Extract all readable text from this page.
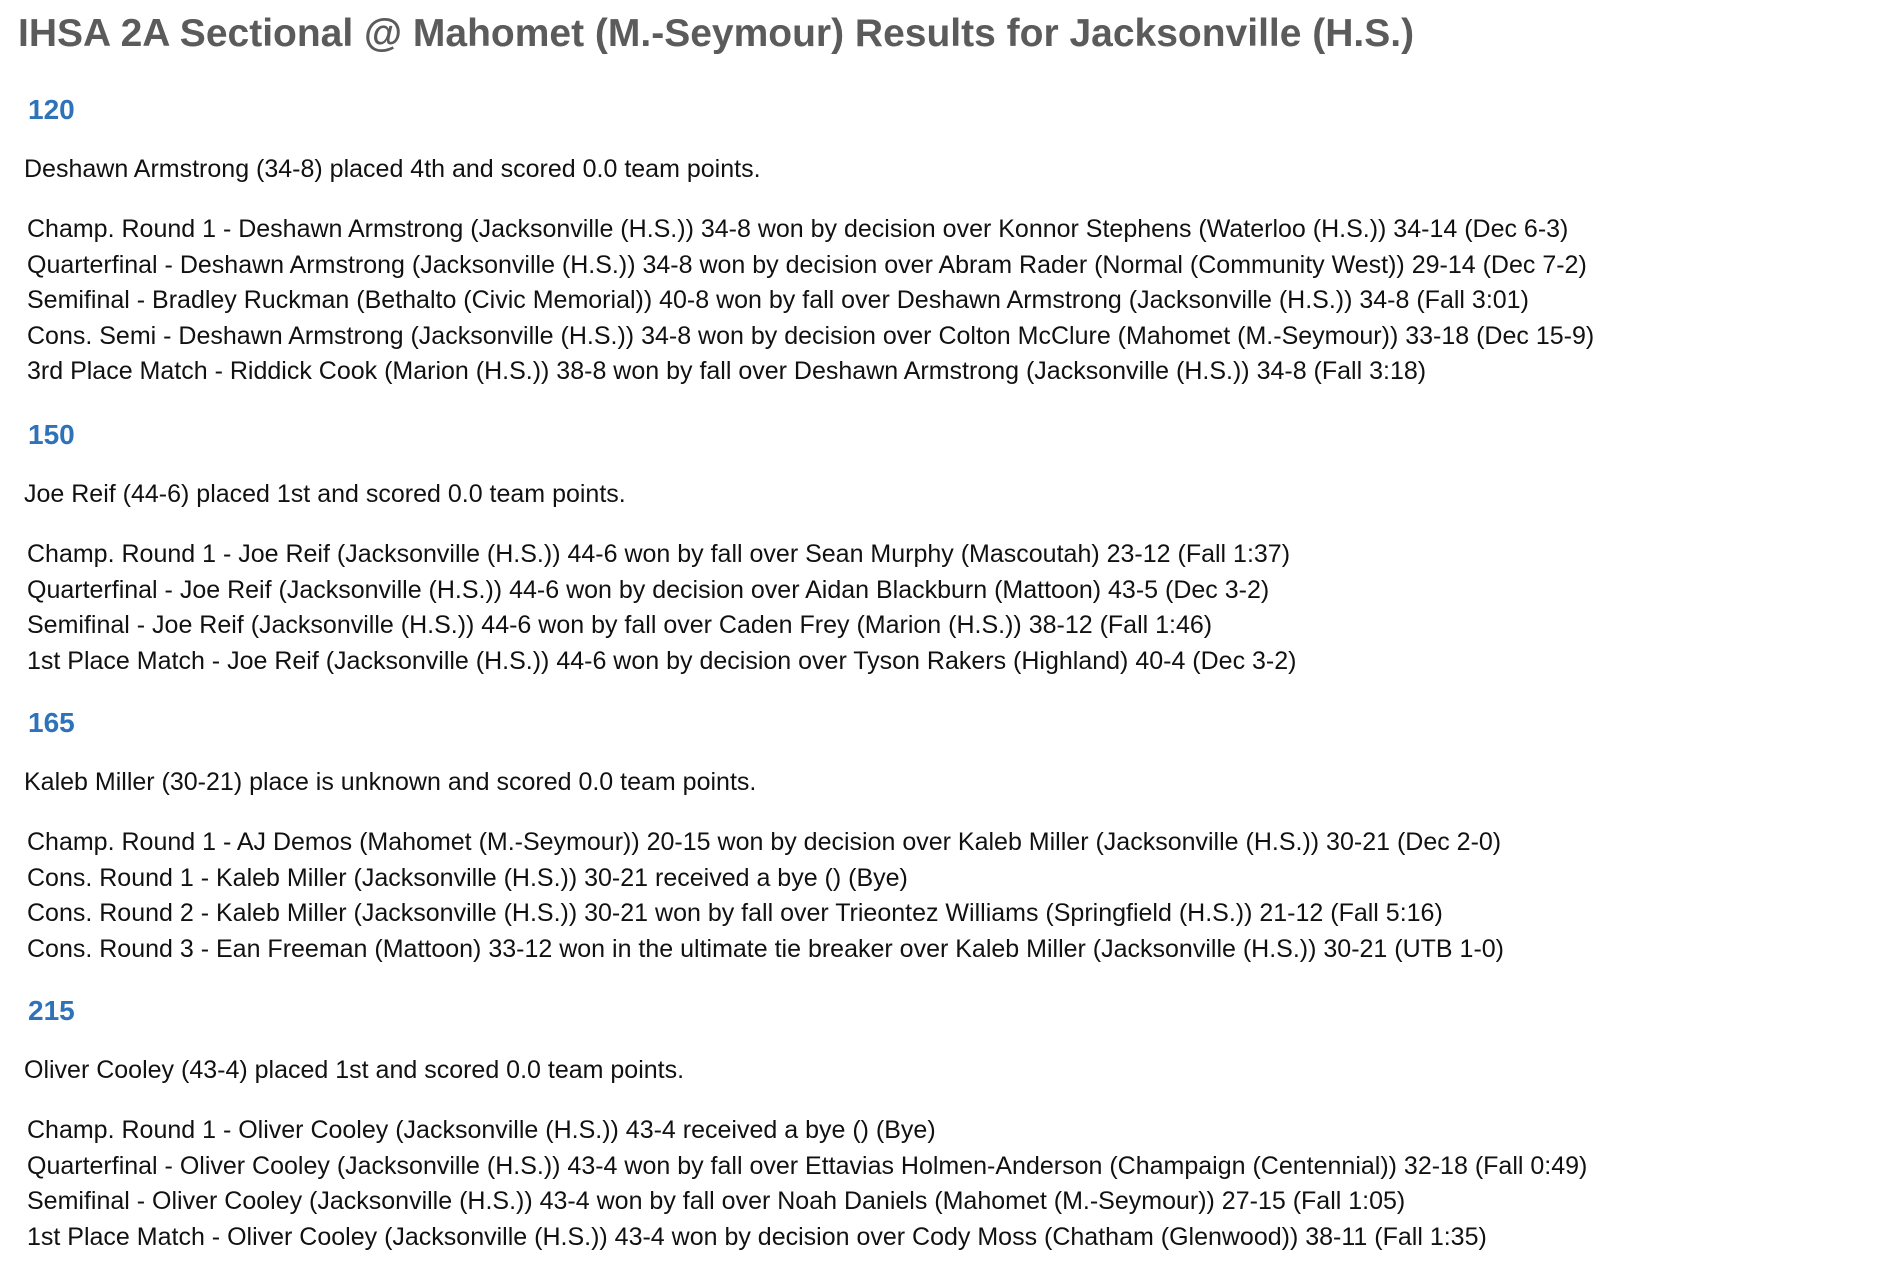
IHSA 2A Sectional @ Mahomet (M.-Seymour) Results for Jacksonville (H.S.)
120

Deshawn Armstrong (34-8) placed 4th and scored 0.0 team points.

Champ. Round 1 - Deshawn Armstrong (Jacksonville (H.S.)) 34-8 won by decision over Konnor Stephens (Waterloo (H.S.)) 34-14 (Dec 6-3)
Quarterfinal - Deshawn Armstrong (Jacksonville (H.S.)) 34-8 won by decision over Abram Rader (Normal (Community West)) 29-14 (Dec 7-2)
Semifinal - Bradley Ruckman (Bethalto (Civic Memorial)) 40-8 won by fall over Deshawn Armstrong (Jacksonville (H.S.)) 34-8 (Fall 3:01)
Cons. Semi - Deshawn Armstrong (Jacksonville (H.S.)) 34-8 won by decision over Colton McClure (Mahomet (M.-Seymour)) 33-18 (Dec 15-9)
3rd Place Match - Riddick Cook (Marion (H.S.)) 38-8 won by fall over Deshawn Armstrong (Jacksonville (H.S.)) 34-8 (Fall 3:18)
150

Joe Reif (44-6) placed 1st and scored 0.0 team points.

Champ. Round 1 - Joe Reif (Jacksonville (H.S.)) 44-6 won by fall over Sean Murphy (Mascoutah) 23-12 (Fall 1:37)
Quarterfinal - Joe Reif (Jacksonville (H.S.)) 44-6 won by decision over Aidan Blackburn (Mattoon) 43-5 (Dec 3-2)
Semifinal - Joe Reif (Jacksonville (H.S.)) 44-6 won by fall over Caden Frey (Marion (H.S.)) 38-12 (Fall 1:46)
1st Place Match - Joe Reif (Jacksonville (H.S.)) 44-6 won by decision over Tyson Rakers (Highland) 40-4 (Dec 3-2)
165

Kaleb Miller (30-21) place is unknown and scored 0.0 team points.

Champ. Round 1 - AJ Demos (Mahomet (M.-Seymour)) 20-15 won by decision over Kaleb Miller (Jacksonville (H.S.)) 30-21 (Dec 2-0)
Cons. Round 1 - Kaleb Miller (Jacksonville (H.S.)) 30-21 received a bye () (Bye)
Cons. Round 2 - Kaleb Miller (Jacksonville (H.S.)) 30-21 won by fall over Trieontez Williams (Springfield (H.S.)) 21-12 (Fall 5:16)
Cons. Round 3 - Ean Freeman (Mattoon) 33-12 won in the ultimate tie breaker over Kaleb Miller (Jacksonville (H.S.)) 30-21 (UTB 1-0)
215

Oliver Cooley (43-4) placed 1st and scored 0.0 team points.

Champ. Round 1 - Oliver Cooley (Jacksonville (H.S.)) 43-4 received a bye () (Bye)
Quarterfinal - Oliver Cooley (Jacksonville (H.S.)) 43-4 won by fall over Ettavias Holmen-Anderson (Champaign (Centennial)) 32-18 (Fall 0:49)
Semifinal - Oliver Cooley (Jacksonville (H.S.)) 43-4 won by fall over Noah Daniels (Mahomet (M.-Seymour)) 27-15 (Fall 1:05)
1st Place Match - Oliver Cooley (Jacksonville (H.S.)) 43-4 won by decision over Cody Moss (Chatham (Glenwood)) 38-11 (Fall 1:35)
